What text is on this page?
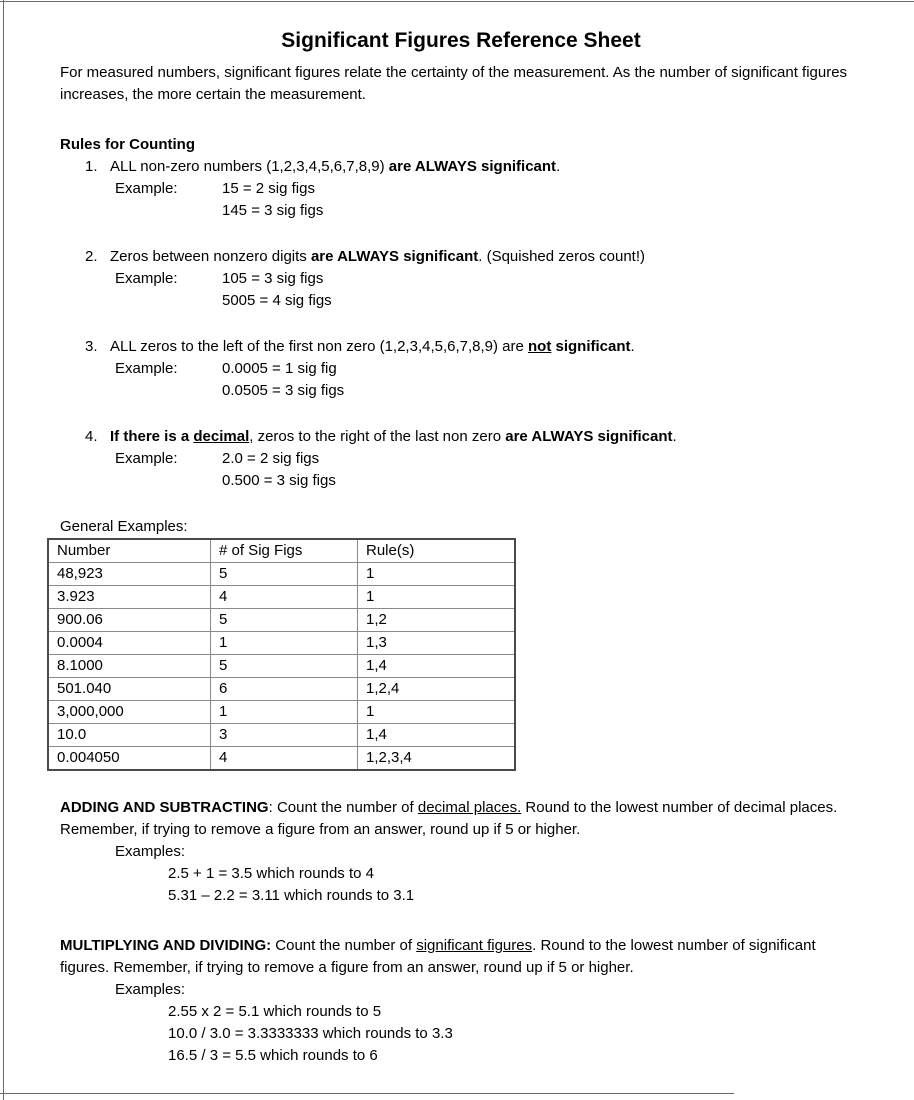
Significant Figures Reference Sheet
For measured numbers, significant figures relate the certainty of the measurement. As the number of significant figures increases, the more certain the measurement.
Rules for Counting
1. ALL non-zero numbers (1,2,3,4,5,6,7,8,9) are ALWAYS significant.
Example:	15 = 2 sig figs
145 = 3 sig figs
2. Zeros between nonzero digits are ALWAYS significant. (Squished zeros count!)
Example:	105 = 3 sig figs
5005 = 4 sig figs
3. ALL zeros to the left of the first non zero (1,2,3,4,5,6,7,8,9) are not significant.
Example:	0.0005 = 1 sig fig
0.0505 = 3 sig figs
4. If there is a decimal, zeros to the right of the last non zero are ALWAYS significant.
Example:	2.0 = 2 sig figs
0.500 = 3 sig figs
General Examples:
Number	# of Sig Figs	Rule(s)
48,923	5	1
3.923	4	1
900.06	5	1,2
0.0004	1	1,3
8.1000	5	1,4
501.040	6	1,2,4
3,000,000	1	1
10.0	3	1,4
0.004050	4	1,2,3,4
ADDING AND SUBTRACTING: Count the number of decimal places. Round to the lowest number of decimal places. Remember, if trying to remove a figure from an answer, round up if 5 or higher.
Examples:
2.5 + 1 = 3.5 which rounds to 4
5.31 – 2.2 = 3.11 which rounds to 3.1
MULTIPLYING AND DIVIDING: Count the number of significant figures. Round to the lowest number of significant figures. Remember, if trying to remove a figure from an answer, round up if 5 or higher.
Examples:
2.55 x 2 = 5.1 which rounds to 5
10.0 / 3.0 = 3.3333333 which rounds to 3.3
16.5 / 3 = 5.5 which rounds to 6
